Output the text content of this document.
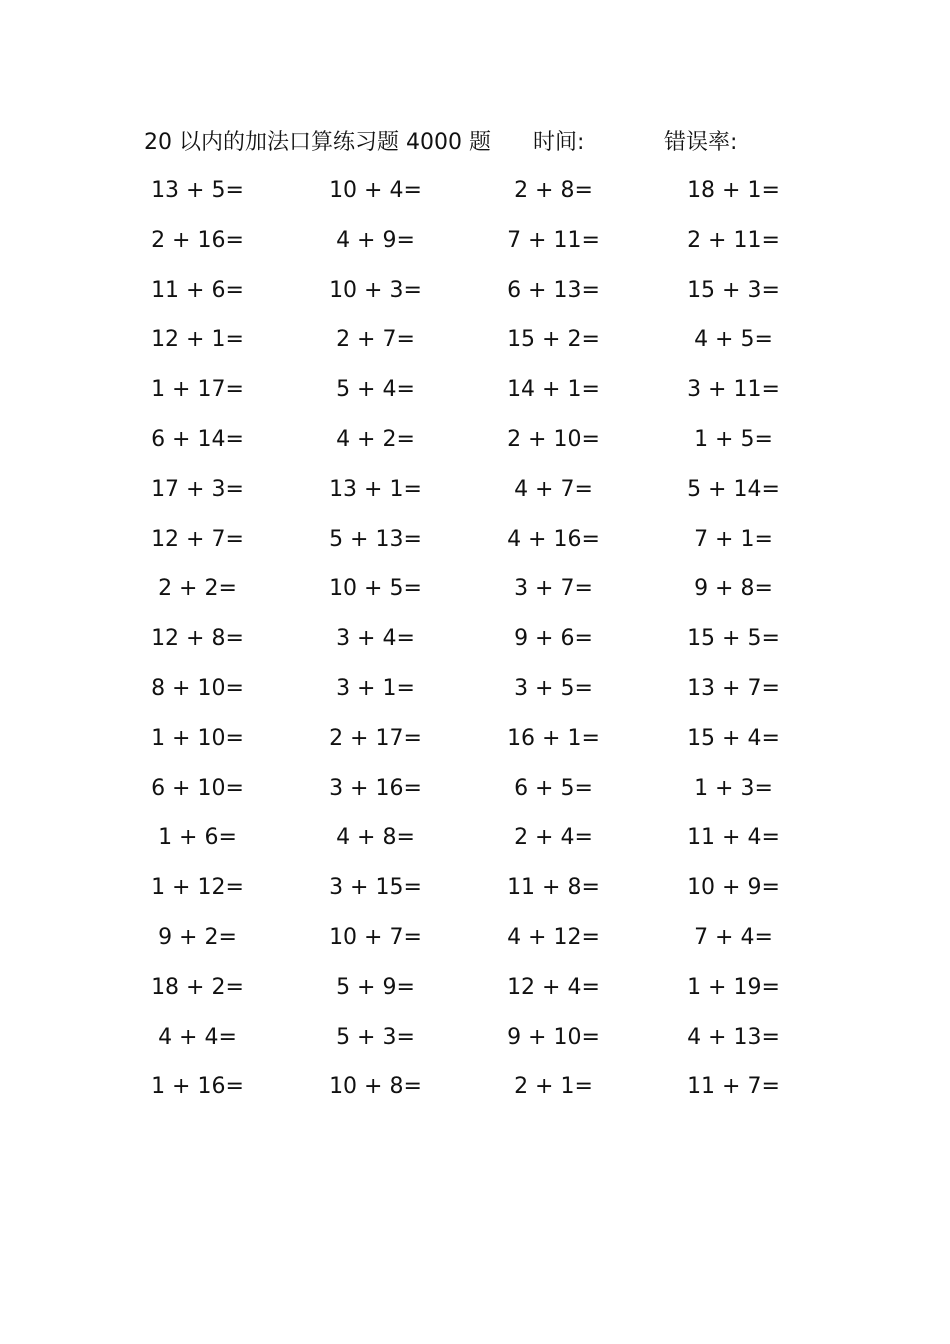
20 以内的加法口算练习题 4000 题 时间:	错误率:
13 + 5=	10 + 4=	2 + 8=	18 + 1=
2 + 16=	4 + 9=	7 + 11=	2 + 11=
11 + 6=	10 + 3=	6 + 13=	15 + 3=
12 + 1=	2 + 7=	15 + 2=	4 + 5=
1 + 17=	5 + 4=	14 + 1=	3 + 11=
6 + 14=	4 + 2=	2 + 10=	1 + 5=
17 + 3=	13 + 1=	4 + 7=	5 + 14=
12 + 7=	5 + 13=	4 + 16=	7 + 1=
2 + 2=	10 + 5=	3 + 7=	9 + 8=
12 + 8=	3 + 4=	9 + 6=	15 + 5=
8 + 10=	3 + 1=	3 + 5=	13 + 7=
1 + 10=	2 + 17=	16 + 1=	15 + 4=
6 + 10=	3 + 16=	6 + 5=	1 + 3=
1 + 6=	4 + 8=	2 + 4=	11 + 4=
1 + 12=	3 + 15=	11 + 8=	10 + 9=
9 + 2=	10 + 7=	4 + 12=	7 + 4=
18 + 2=	5 + 9=	12 + 4=	1 + 19=
4 + 4=	5 + 3=	9 + 10=	4 + 13=
1 + 16=	10 + 8=	2 + 1=	11 + 7=
